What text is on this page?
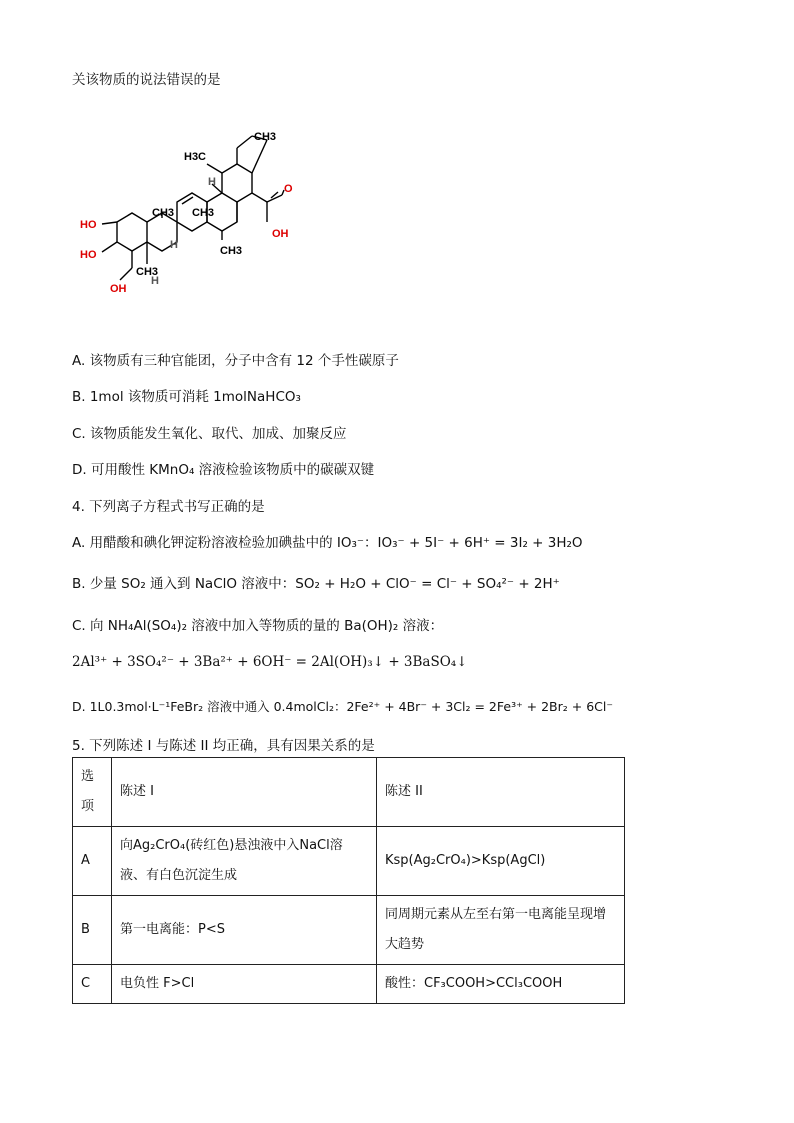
关该物质的说法错误的是
CH3
H3C
H
CH3 CH3
H	CH3
H
O
OH
HO
HO
CH3
OH
A. 该物质有三种官能团，分子中含有 12 个手性碳原子
B. 1mol 该物质可消耗 1molNaHCO₃
C. 该物质能发生氧化、取代、加成、加聚反应
D. 可用酸性 KMnO₄ 溶液检验该物质中的碳碳双键
4. 下列离子方程式书写正确的是
A. 用醋酸和碘化钾淀粉溶液检验加碘盐中的 IO₃⁻：IO₃⁻ + 5I⁻ + 6H⁺ = 3I₂ + 3H₂O
B. 少量 SO₂ 通入到 NaClO 溶液中：SO₂ + H₂O + ClO⁻ = Cl⁻ + SO₄²⁻ + 2H⁺
C. 向 NH₄Al(SO₄)₂ 溶液中加入等物质的量的 Ba(OH)₂ 溶液：
2Al³⁺ + 3SO₄²⁻ + 3Ba²⁺ + 6OH⁻ = 2Al(OH)₃↓ + 3BaSO₄↓
D. 1L0.3mol·L⁻¹FeBr₂ 溶液中通入 0.4molCl₂：2Fe²⁺ + 4Br⁻ + 3Cl₂ = 2Fe³⁺ + 2Br₂ + 6Cl⁻
5. 下列陈述 I 与陈述 II 均正确，具有因果关系的是
选项	陈述 I	陈述 II
A	向Ag₂CrO₄(砖红色)悬浊液中入NaCl溶液、有白色沉淀生成	Ksp(Ag₂CrO₄)>Ksp(AgCl)
B	第一电离能：P<S	同周期元素从左至右第一电离能呈现增大趋势
C	电负性 F>Cl	酸性：CF₃COOH>CCl₃COOH
